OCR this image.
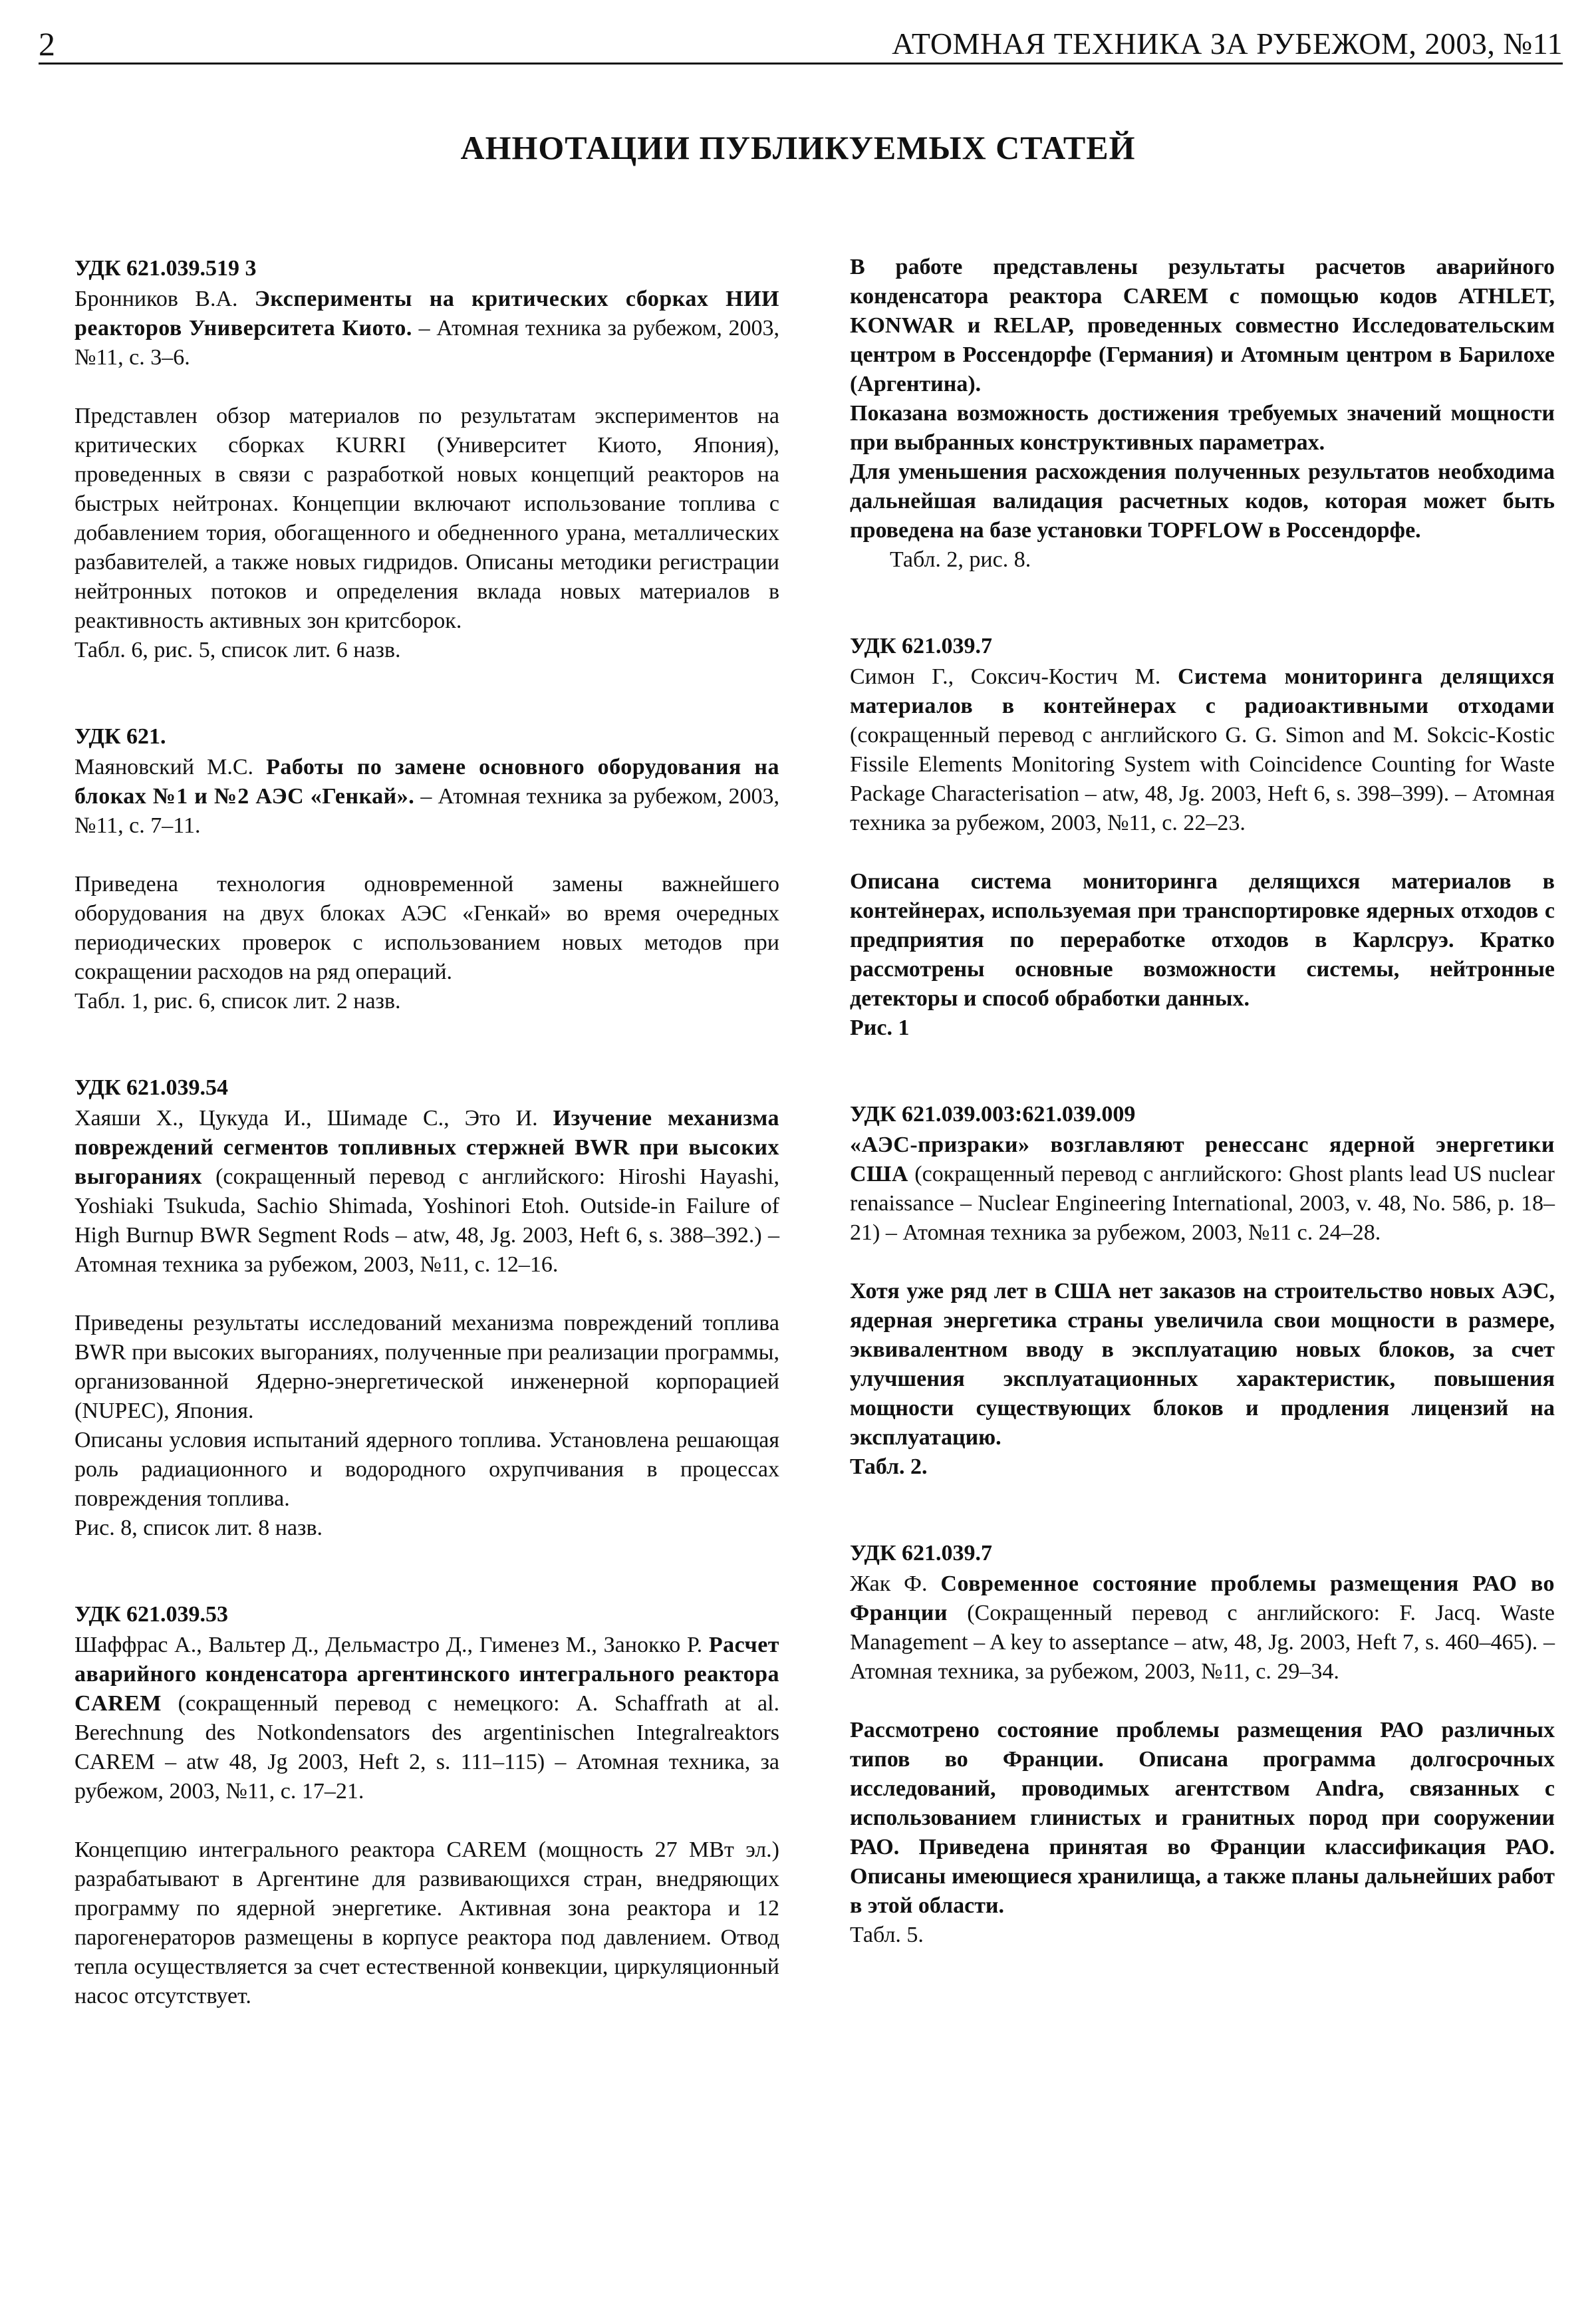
2	АТОМНАЯ ТЕХНИКА ЗА РУБЕЖОМ, 2003, №11
АННОТАЦИИ ПУБЛИКУЕМЫХ СТАТЕЙ

УДК 621.039.519 3

Бронников В.А. Эксперименты на критических сборках НИИ реакторов Университета Киото. – Атомная техника за рубежом, 2003, №11, с. 3–6.

Представлен обзор материалов по результатам экспериментов на критических сборках KURRI (Университет Киото, Япония), проведенных в связи с разработкой новых концепций реакторов на быстрых нейтронах. Концепции включают использование топлива с добавлением тория, обогащенного и обедненного урана, металлических разбавителей, а также новых гидридов. Описаны методики регистрации нейтронных потоков и определения вклада новых материалов в реактивность активных зон критсборок.

Табл. 6, рис. 5, список лит. 6 назв.

УДК 621.

Маяновский М.С. Работы по замене основного оборудования на блоках №1 и №2 АЭС «Генкай». – Атомная техника за рубежом, 2003, №11, с. 7–11.

Приведена технология одновременной замены важнейшего оборудования на двух блоках АЭС «Генкай» во время очередных периодических проверок с использованием новых методов при сокращении расходов на ряд операций.

Табл. 1, рис. 6, список лит. 2 назв.

УДК 621.039.54

Хаяши Х., Цукуда И., Шимаде С., Это И. Изучение механизма повреждений сегментов топливных стержней BWR при высоких выгораниях (сокращенный перевод с английского: Hiroshi Hayashi, Yoshiaki Tsukuda, Sachio Shimada, Yoshinori Etoh. Outside-in Failure of High Burnup BWR Segment Rods – atw, 48, Jg. 2003, Heft 6, s. 388–392.) – Атомная техника за рубежом, 2003, №11, с. 12–16.

Приведены результаты исследований механизма повреждений топлива BWR при высоких выгораниях, полученные при реализации программы, организованной Ядерно-энергетической инженерной корпорацией (NUPEC), Япония.

Описаны условия испытаний ядерного топлива. Установлена решающая роль радиационного и водородного охрупчивания в процессах повреждения топлива.

Рис. 8, список лит. 8 назв.

УДК 621.039.53

Шаффрас А., Вальтер Д., Дельмастро Д., Гименез М., Занокко Р. Расчет аварийного конденсатора аргентинского интегрального реактора CAREM (сокращенный перевод с немецкого: A. Schaffrath at al. Berechnung des Notkondensators des argentinischen Integralreaktors CAREM – atw 48, Jg 2003, Heft 2, s. 111–115) – Атомная техника, за рубежом, 2003, №11, с. 17–21.

Концепцию интегрального реактора CAREM (мощность 27 МВт эл.) разрабатывают в Аргентине для развивающихся стран, внедряющих программу по ядерной энергетике. Активная зона реактора и 12 парогенераторов размещены в корпусе реактора под давлением. Отвод тепла осуществляется за счет естественной конвекции, циркуляционный насос отсутствует.

В работе представлены результаты расчетов аварийного конденсатора реактора CAREM с помощью кодов ATHLET, KONWAR и RELAP, проведенных совместно Исследовательским центром в Россендорфе (Германия) и Атомным центром в Барилохе (Аргентина).

Показана возможность достижения требуемых значений мощности при выбранных конструктивных параметрах.

Для уменьшения расхождения полученных результатов необходима дальнейшая валидация расчетных кодов, которая может быть проведена на базе установки TOPFLOW в Россендорфе.

Табл. 2, рис. 8.

УДК 621.039.7

Симон Г., Соксич-Костич М. Система мониторинга делящихся материалов в контейнерах с радиоактивными отходами (сокращенный перевод с английского G. G. Simon and M. Sokcic-Kostic Fissile Elements Monitoring System with Coincidence Counting for Waste Package Characterisation – atw, 48, Jg. 2003, Heft 6, s. 398–399). – Атомная техника за рубежом, 2003, №11, с. 22–23.

Описана система мониторинга делящихся материалов в контейнерах, используемая при транспортировке ядерных отходов с предприятия по переработке отходов в Карлсруэ. Кратко рассмотрены основные возможности системы, нейтронные детекторы и способ обработки данных.

Рис. 1

УДК 621.039.003:621.039.009

«АЭС-призраки» возглавляют ренессанс ядерной энергетики США (сокращенный перевод с английского: Ghost plants lead US nuclear renaissance – Nuclear Engineering International, 2003, v. 48, No. 586, p. 18–21) – Атомная техника за рубежом, 2003, №11 с. 24–28.

Хотя уже ряд лет в США нет заказов на строительство новых АЭС, ядерная энергетика страны увеличила свои мощности в размере, эквивалентном вводу в эксплуатацию новых блоков, за счет улучшения эксплуатационных характеристик, повышения мощности существующих блоков и продления лицензий на эксплуатацию.

Табл. 2.

УДК 621.039.7

Жак Ф. Современное состояние проблемы размещения РАО во Франции (Сокращенный перевод с английского: F. Jacq. Waste Management – A key to asseptance – atw, 48, Jg. 2003, Heft 7, s. 460–465). – Атомная техника, за рубежом, 2003, №11, с. 29–34.

Рассмотрено состояние проблемы размещения РАО различных типов во Франции. Описана программа долгосрочных исследований, проводимых агентством Andra, связанных с использованием глинистых и гранитных пород при сооружении РАО. Приведена принятая во Франции классификация РАО. Описаны имеющиеся хранилища, а также планы дальнейших работ в этой области.

Табл. 5.
